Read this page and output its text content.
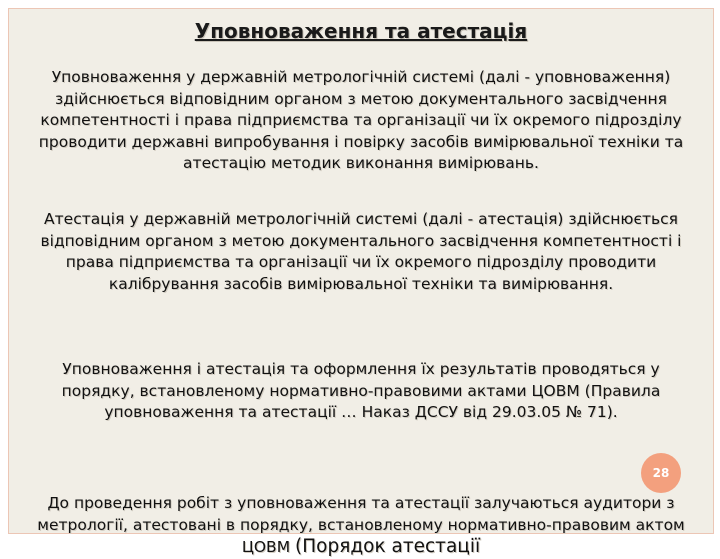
Уповноваження та атестація

Уповноваження у державній метрологічній системі (далі - уповноваження) здійснюється відповідним органом з метою документального засвідчення компетентності і права підприємства та організації чи їх окремого підрозділу проводити державні випробування і повірку засобів вимірювальної техніки та атестацію методик виконання вимірювань.

Атестація у державній метрологічній системі (далі - атестація) здійснюється відповідним органом з метою документального засвідчення компетентності і права підприємства та організації чи їх окремого підрозділу проводити калібрування засобів вимірювальної техніки та вимірювання.

Уповноваження і атестація та оформлення їх результатів проводяться у порядку, встановленому нормативно-правовими актами ЦОВМ (Правила уповноваження та атестації … Наказ ДССУ від 29.03.05 № 71).

До проведення робіт з уповноваження та атестації залучаються аудитори з метрології, атестовані в порядку, встановленому нормативно-правовим актом ЦОВМ (Порядок атестації

28
